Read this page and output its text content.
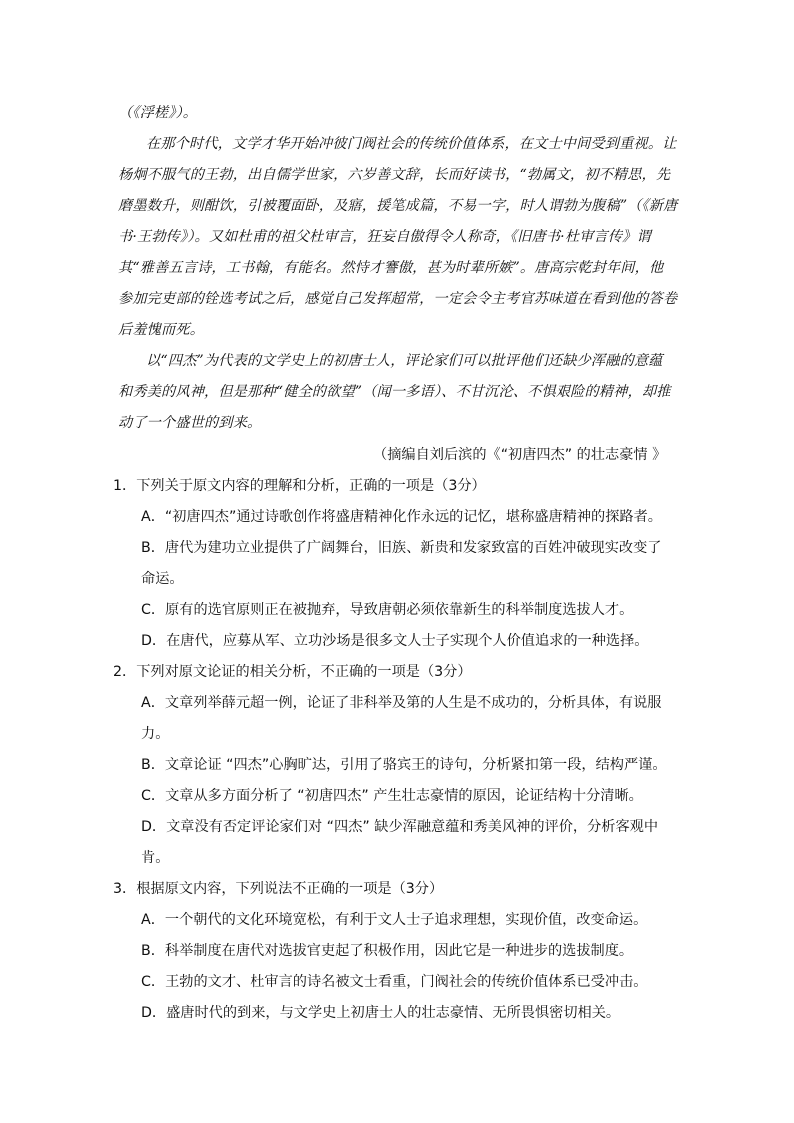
（《浮槎》）。
在那个时代，文学才华开始冲彼门阀社会的传统价值体系，在文士中间受到重视。让
杨炯不服气的王勃，出自儒学世家，六岁善文辞，长而好读书，“勃属文，初不精思，先
磨墨数升，则酣饮，引被覆面卧，及寤，援笔成篇，不易一字，时人谓勃为腹稿”（《新唐
书·王勃传》）。又如杜甫的祖父杜审言，狂妄自傲得令人称奇，《旧唐书·杜审言传》谓
其“雅善五言诗，工书翰，有能名。然恃才謇傲，甚为时辈所嫉”。唐高宗乾封年间，他
参加完吏部的铨选考试之后，感觉自己发挥超常，一定会令主考官苏味道在看到他的答卷
后羞愧而死。
以“四杰”为代表的文学史上的初唐士人，评论家们可以批评他们还缺少浑融的意蕴
和秀美的风神，但是那种“健全的欲望”（闻一多语）、不甘沉沦、不惧艰险的精神，却推
动了一个盛世的到来。
（摘编自刘后滨的《“初唐四杰” 的壮志豪情 》
1．下列关于原文内容的理解和分析，正确的一项是（3分）
A．“初唐四杰”通过诗歌创作将盛唐精神化作永远的记忆，堪称盛唐精神的探路者。
B．唐代为建功立业提供了广阔舞台，旧族、新贵和发家致富的百姓冲破现实改变了
命运。
C．原有的选官原则正在被抛弃，导致唐朝必须依靠新生的科举制度选拔人才。
D．在唐代，应募从军、立功沙场是很多文人士子实现个人价值追求的一种选择。
2．下列对原文论证的相关分析，不正确的一项是（3分）
A．文章列举薛元超一例，论证了非科举及第的人生是不成功的，分析具体，有说服
力。
B．文章论证 “四杰”心胸旷达，引用了骆宾王的诗句，分析紧扣第一段，结构严谨。
C．文章从多方面分析了 “初唐四杰” 产生壮志豪情的原因，论证结构十分清晰。
D．文章没有否定评论家们对 “四杰” 缺少浑融意蕴和秀美风神的评价，分析客观中
肯。
3．根据原文内容，下列说法不正确的一项是（3分）
A．一个朝代的文化环境宽松，有利于文人士子追求理想，实现价值，改变命运。
B．科举制度在唐代对选拔官吏起了积极作用，因此它是一种进步的选拔制度。
C．王勃的文才、杜审言的诗名被文士看重，门阀社会的传统价值体系已受冲击。
D．盛唐时代的到来，与文学史上初唐士人的壮志豪情、无所畏惧密切相关。
